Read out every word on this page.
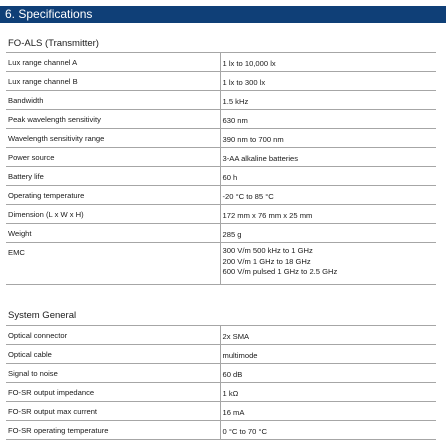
6. Specifications
FO-ALS (Transmitter)
Lux range channel A	1 lx to 10,000 lx
Lux range channel B	1 lx to 300 lx
Bandwidth	1.5 kHz
Peak wavelength sensitivity	630 nm
Wavelength sensitivity range	390 nm to 700 nm
Power source	3-AA alkaline batteries
Battery life	60 h
Operating temperature	-20 °C to 85 °C
Dimension (L x W x H)	172 mm x 76 mm x 25 mm
Weight	285 g
EMC	300 V/m 500 kHz to 1 GHz
200 V/m 1 GHz to 18 GHz
600 V/m pulsed 1 GHz to 2.5 GHz
System General
Optical connector	2x SMA
Optical cable	multimode
Signal to noise	60 dB
FO-SR output impedance	1 kΩ
FO-SR output max current	16 mA
FO-SR operating temperature	0 °C to 70 °C
